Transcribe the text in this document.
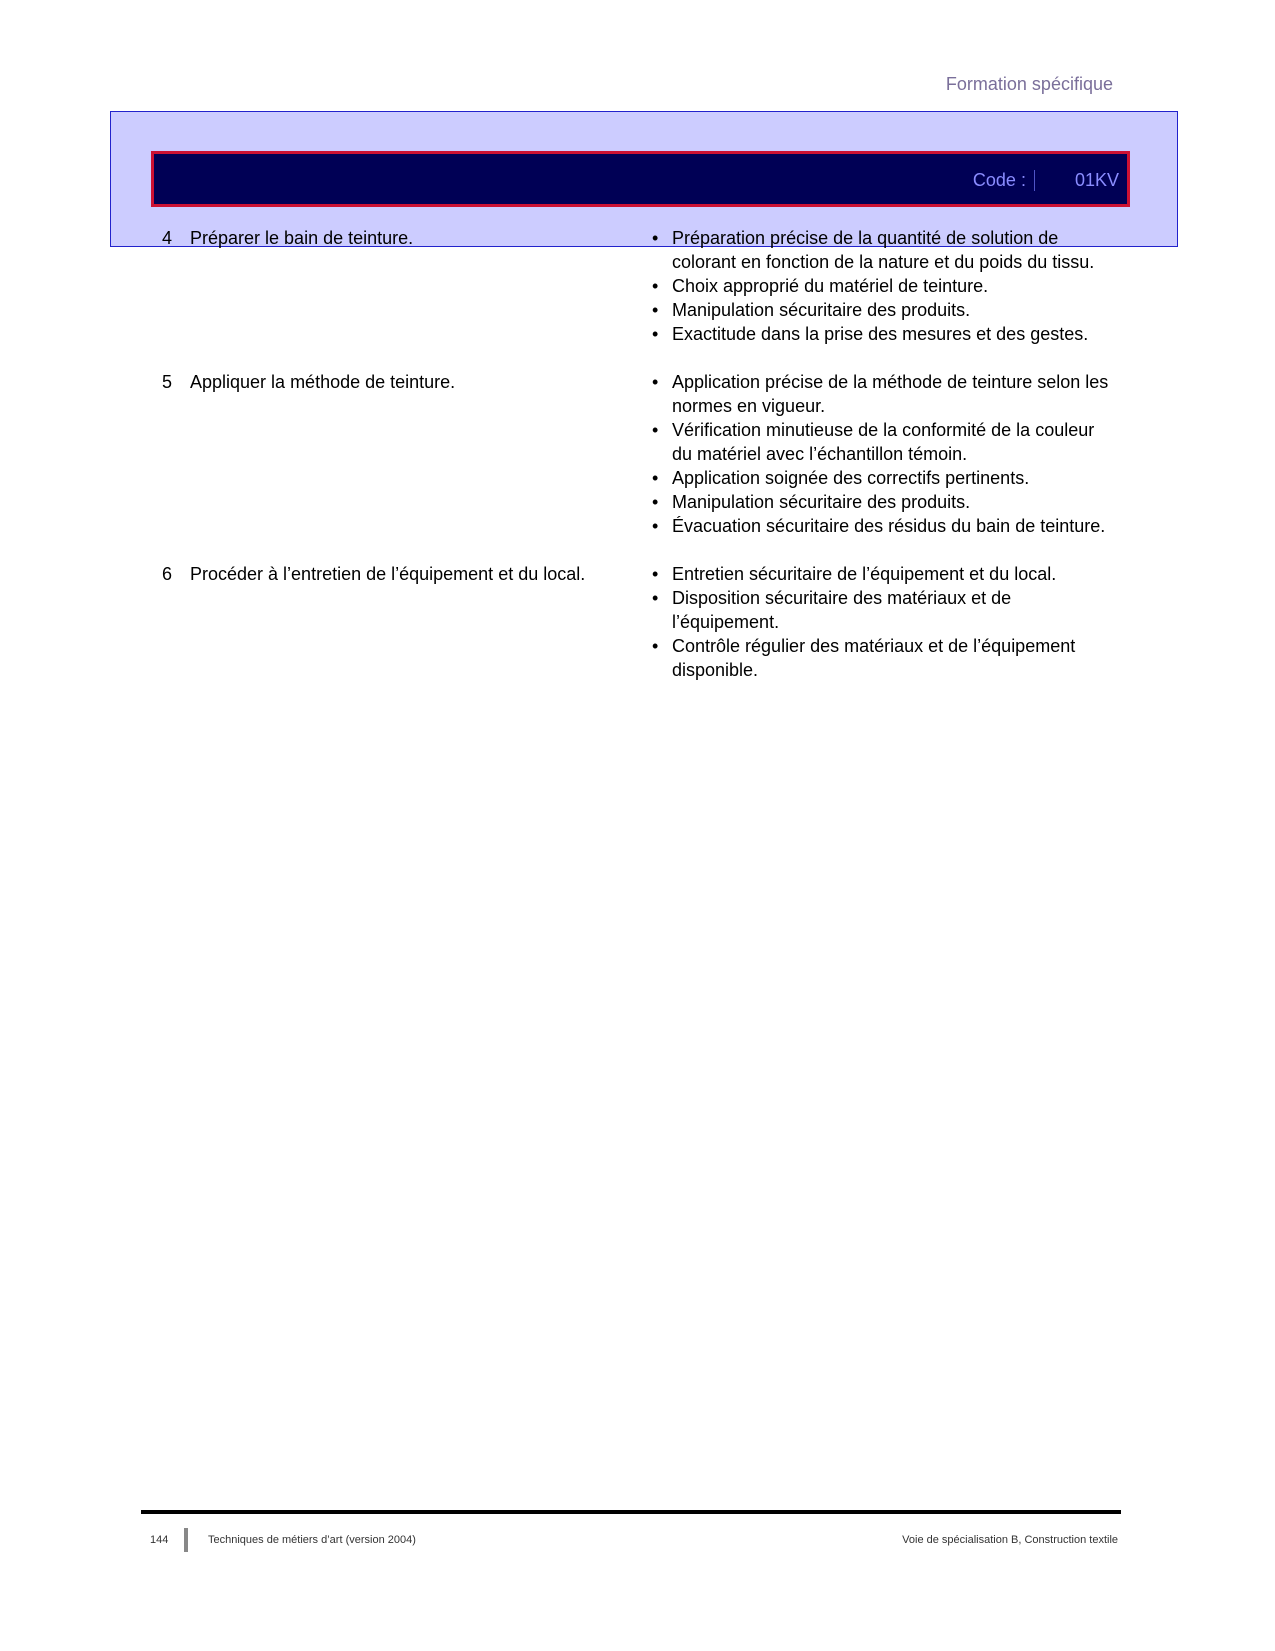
Formation spécifique
Code :	01KV
4 Préparer le bain de teinture.	• Préparation précise de la quantité de solution de colorant en fonction de la nature et du poids du tissu.
• Choix approprié du matériel de teinture.
• Manipulation sécuritaire des produits.
• Exactitude dans la prise des mesures et des gestes.
5 Appliquer la méthode de teinture.	• Application précise de la méthode de teinture selon les normes en vigueur.
• Vérification minutieuse de la conformité de la couleur du matériel avec l’échantillon témoin.
• Application soignée des correctifs pertinents.
• Manipulation sécuritaire des produits.
• Évacuation sécuritaire des résidus du bain de teinture.
6 Procéder à l’entretien de l’équipement et du local.	• Entretien sécuritaire de l’équipement et du local.
• Disposition sécuritaire des matériaux et de l’équipement.
• Contrôle régulier des matériaux et de l’équipement disponible.
144	Techniques de métiers d’art (version 2004)	Voie de spécialisation B, Construction textile
